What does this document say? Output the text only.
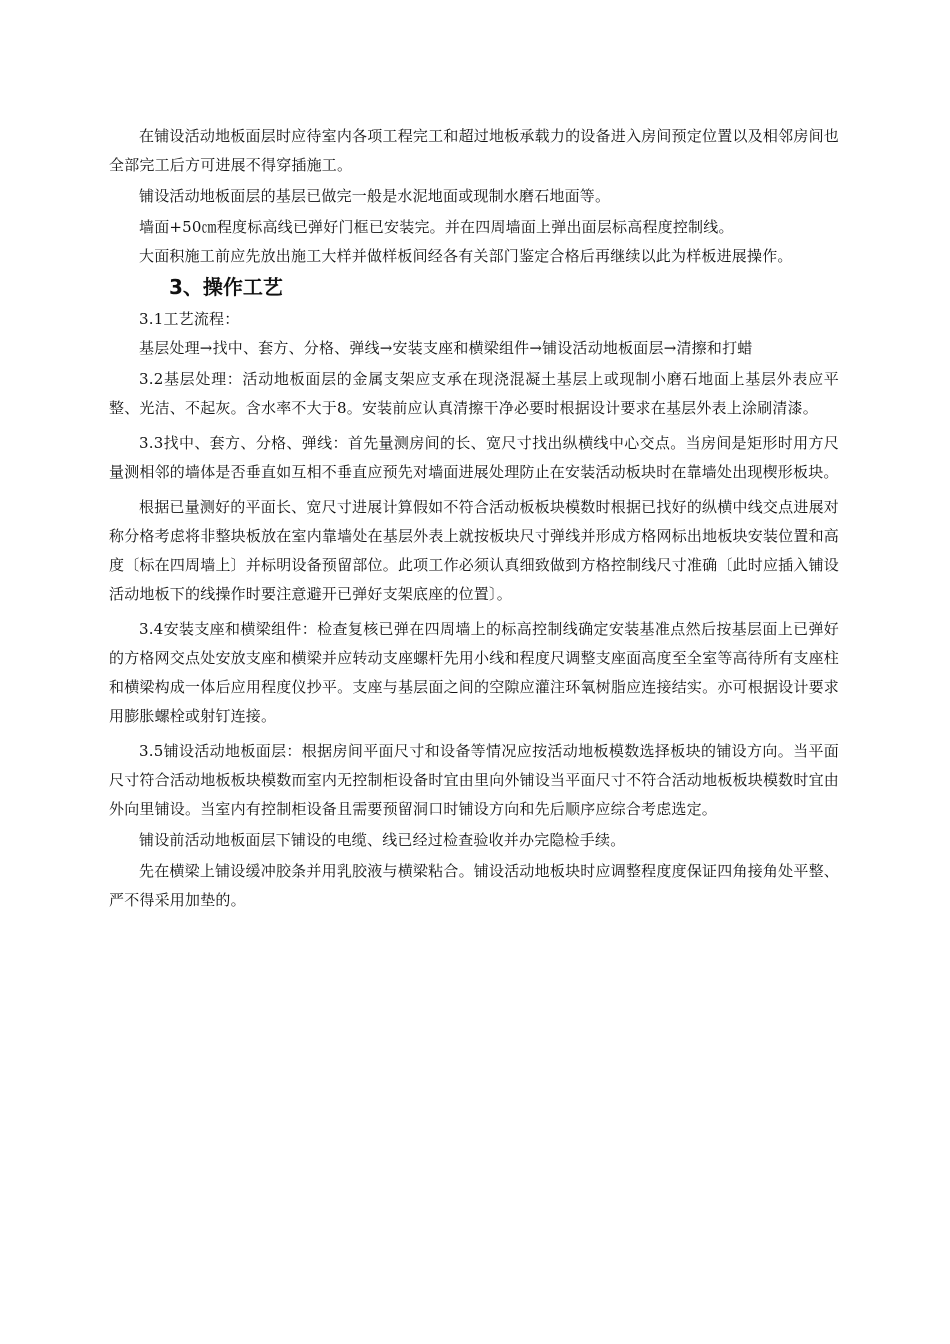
在铺设活动地板面层时应待室内各项工程完工和超过地板承载力的设备进入房间预定位置以及相邻房间也全部完工后方可进展不得穿插施工。

铺设活动地板面层的基层已做完一般是水泥地面或现制水磨石地面等。

墙面+50㎝程度标高线已弹好门框已安装完。并在四周墙面上弹出面层标高程度控制线。

大面积施工前应先放出施工大样并做样板间经各有关部门鉴定合格后再继续以此为样板进展操作。

3、操作工艺

3.1工艺流程：

基层处理→找中、套方、分格、弹线→安装支座和横梁组件→铺设活动地板面层→清擦和打蜡

3.2基层处理：活动地板面层的金属支架应支承在现浇混凝土基层上或现制小磨石地面上基层外表应平整、光洁、不起灰。含水率不大于8。安装前应认真清擦干净必要时根据设计要求在基层外表上涂刷清漆。

3.3找中、套方、分格、弹线：首先量测房间的长、宽尺寸找出纵横线中心交点。当房间是矩形时用方尺量测相邻的墙体是否垂直如互相不垂直应预先对墙面进展处理防止在安装活动板块时在靠墙处出现楔形板块。

根据已量测好的平面长、宽尺寸进展计算假如不符合活动板板块模数时根据已找好的纵横中线交点进展对称分格考虑将非整块板放在室内靠墙处在基层外表上就按板块尺寸弹线并形成方格网标出地板块安装位置和高度〔标在四周墙上〕并标明设备预留部位。此项工作必须认真细致做到方格控制线尺寸准确〔此时应插入铺设活动地板下的线操作时要注意避开已弹好支架底座的位置〕。

3.4安装支座和横梁组件：检查复核已弹在四周墙上的标高控制线确定安装基准点然后按基层面上已弹好的方格网交点处安放支座和横梁并应转动支座螺杆先用小线和程度尺调整支座面高度至全室等高待所有支座柱和横梁构成一体后应用程度仪抄平。支座与基层面之间的空隙应灌注环氧树脂应连接结实。亦可根据设计要求用膨胀螺栓或射钉连接。

3.5铺设活动地板面层：根据房间平面尺寸和设备等情况应按活动地板模数选择板块的铺设方向。当平面尺寸符合活动地板板块模数而室内无控制柜设备时宜由里向外铺设当平面尺寸不符合活动地板板块模数时宜由外向里铺设。当室内有控制柜设备且需要预留洞口时铺设方向和先后顺序应综合考虑选定。

铺设前活动地板面层下铺设的电缆、线已经过检查验收并办完隐检手续。

先在横梁上铺设缓冲胶条并用乳胶液与横梁粘合。铺设活动地板块时应调整程度度保证四角接角处平整、严不得采用加垫的。
